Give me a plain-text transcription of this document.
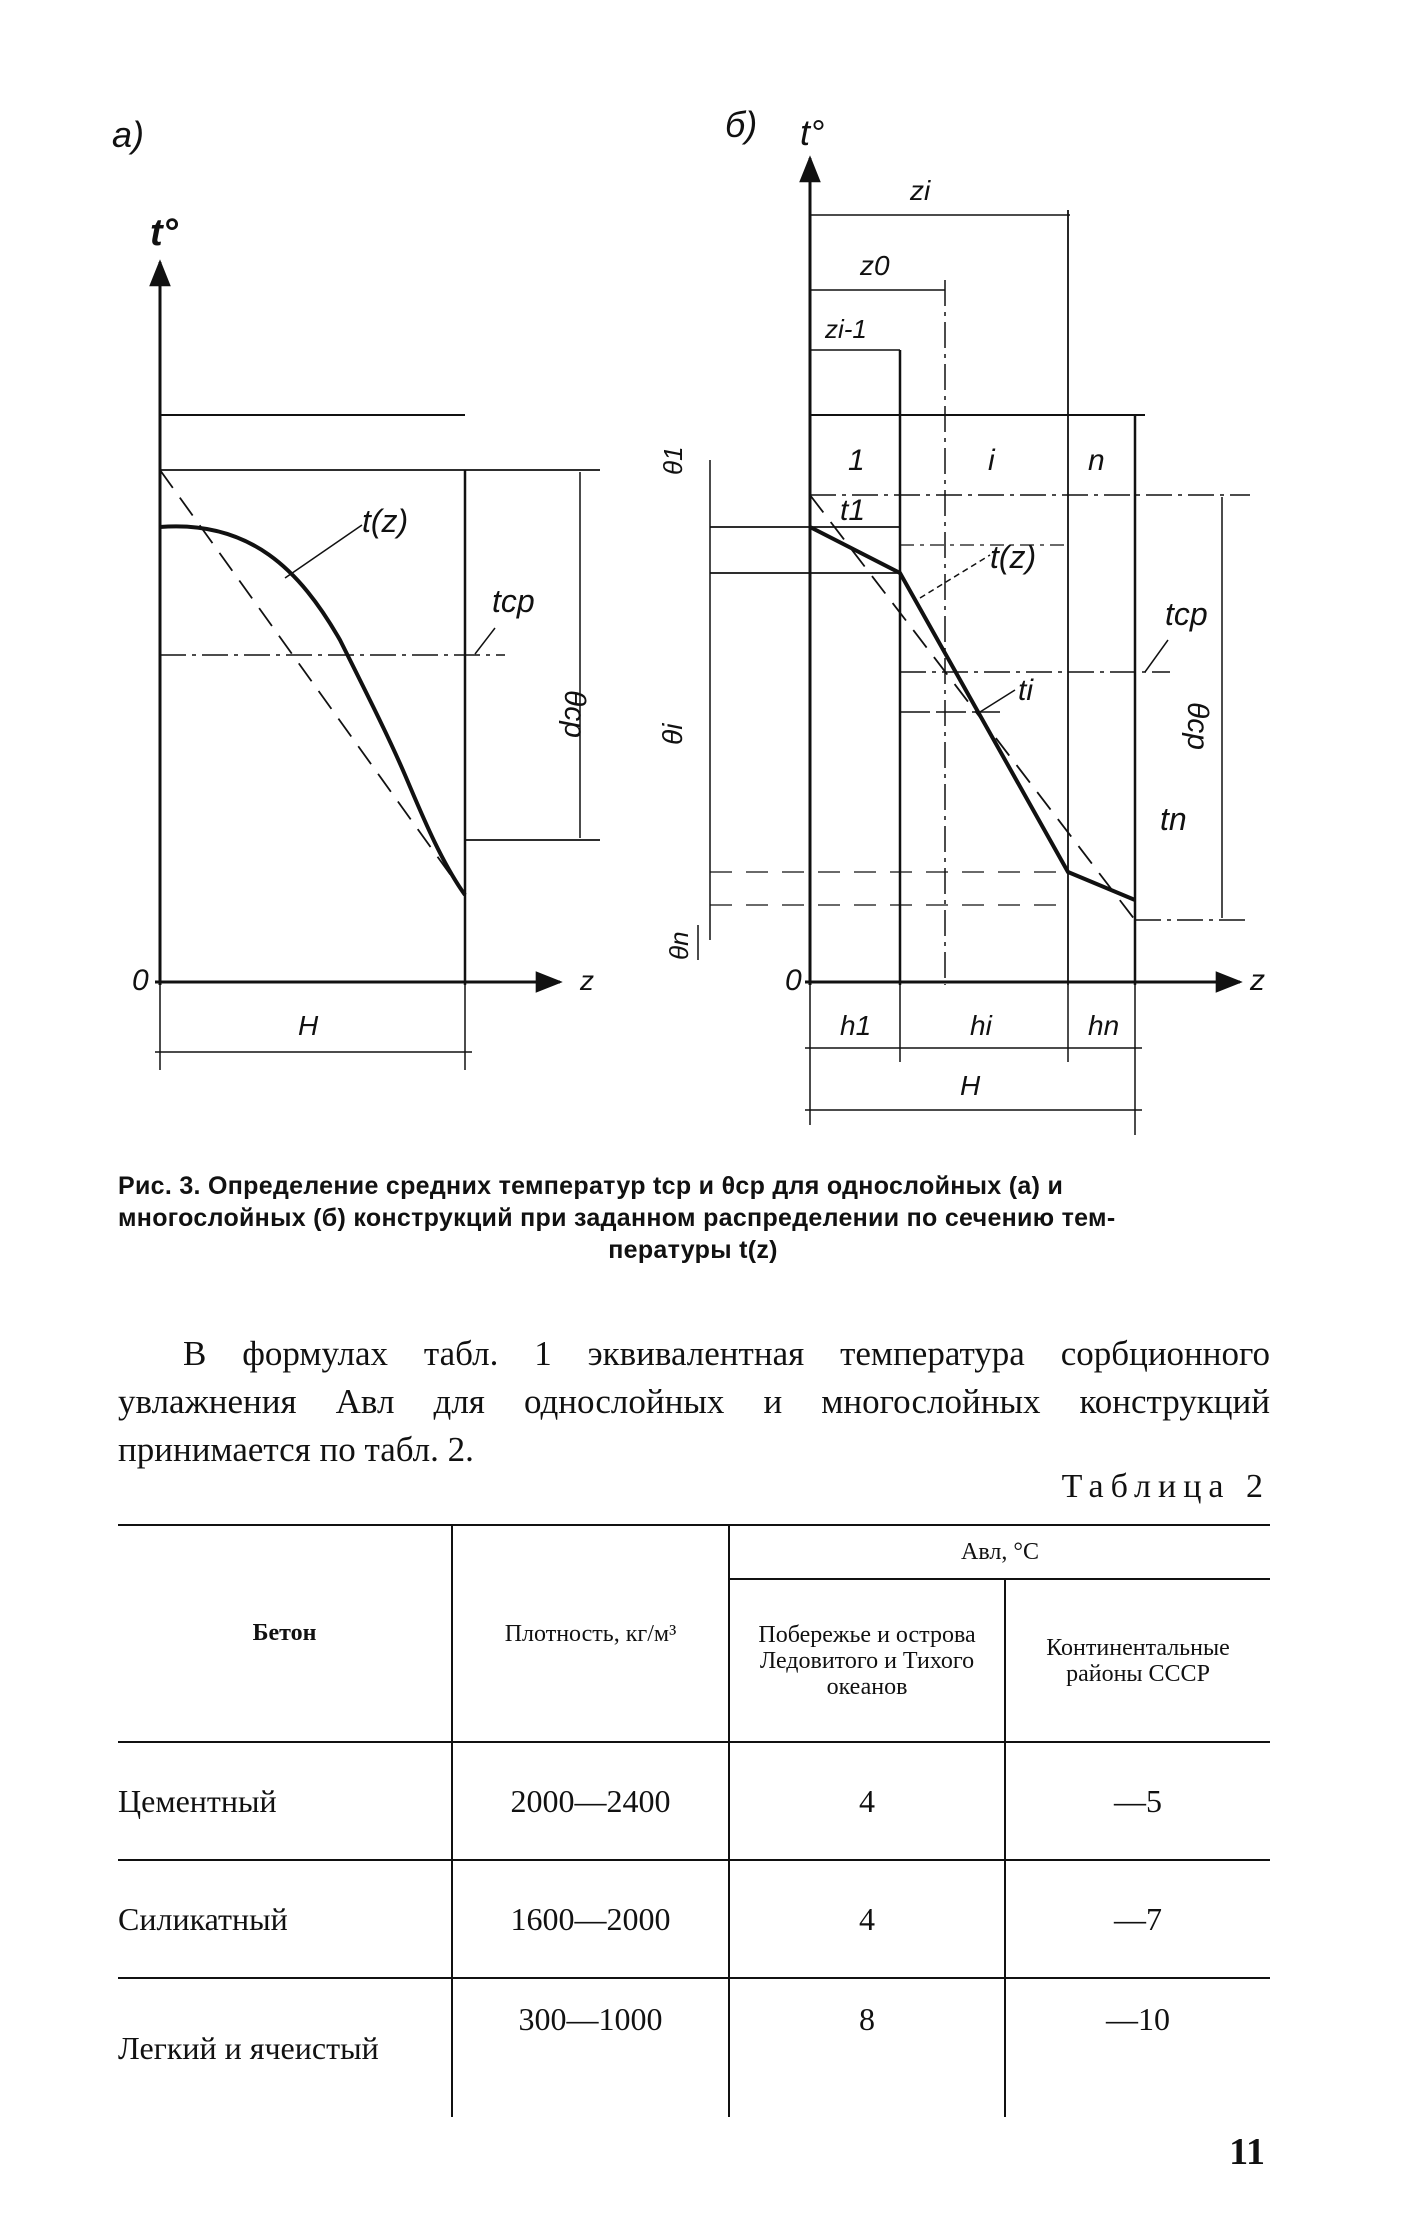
а)
t°
z
0
t(z)
tср
θср
H
б) t°
z
0
zi
z0
zi-1
1	i	n
t1
t(z)
ti
tср
tn
θ1
θi
θn
θср
h1	hi	hn
H
Рис. 3. Определение средних температур tср и θср для однослойных (а) и
многослойных (б) конструкций при заданном распределении по сечению тем-

пературы t(z)
В формулах табл. 1 эквивалентная температура сорбционного увлажнения Aвл для однослойных и многослойных конструкций принимается по табл. 2.
Таблица 2
Бетон	Плотность, кг/м³	Aвл, °С	
		Побережье и острова Ледовитого и Тихого океанов	Континентальные районы СССР
Цементный	2000—2400	4	—5
Силикатный	1600—2000	4	—7
Легкий и ячеистый	300—1000	8	—10
11
